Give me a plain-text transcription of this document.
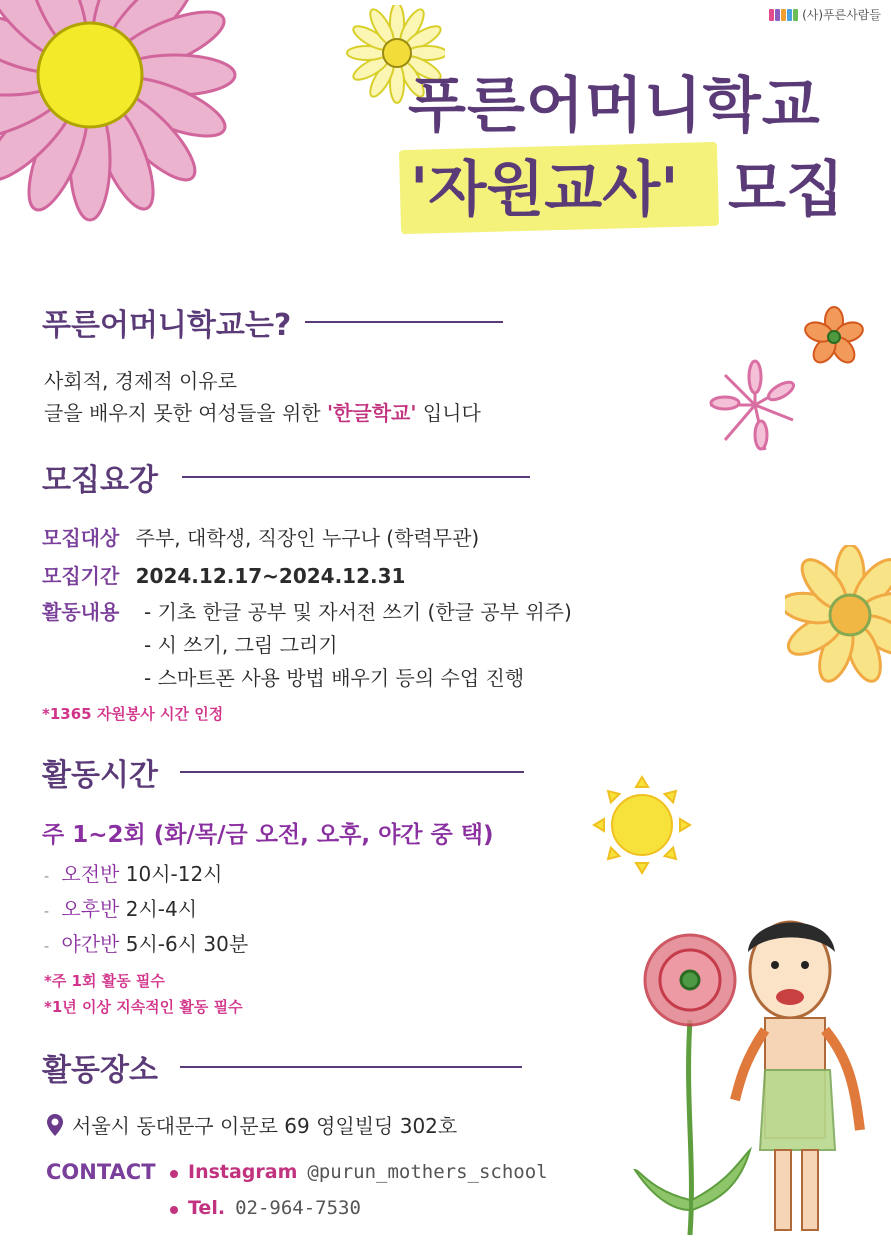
(사)푸른사람들
푸른어머니학교
'자원교사' 모집
푸른어머니학교는?
사회적, 경제적 이유로
글을 배우지 못한 여성들을 위한 '한글학교' 입니다
모집요강
모집대상 주부, 대학생, 직장인 누구나 (학력무관)
모집기간 2024.12.17~2024.12.31
활동내용 - 기초 한글 공부 및 자서전 쓰기 (한글 공부 위주)
- 시 쓰기, 그림 그리기
- 스마트폰 사용 방법 배우기 등의 수업 진행
*1365 자원봉사 시간 인정
활동시간
주 1~2회 (화/목/금 오전, 오후, 야간 중 택)
- 오전반 10시-12시
- 오후반 2시-4시
- 야간반 5시-6시 30분
*주 1회 활동 필수
*1년 이상 지속적인 활동 필수
활동장소
서울시 동대문구 이문로 69 영일빌딩 302호
CONTACT	Instagram @purun_mothers_school
Tel. 02-964-7530
